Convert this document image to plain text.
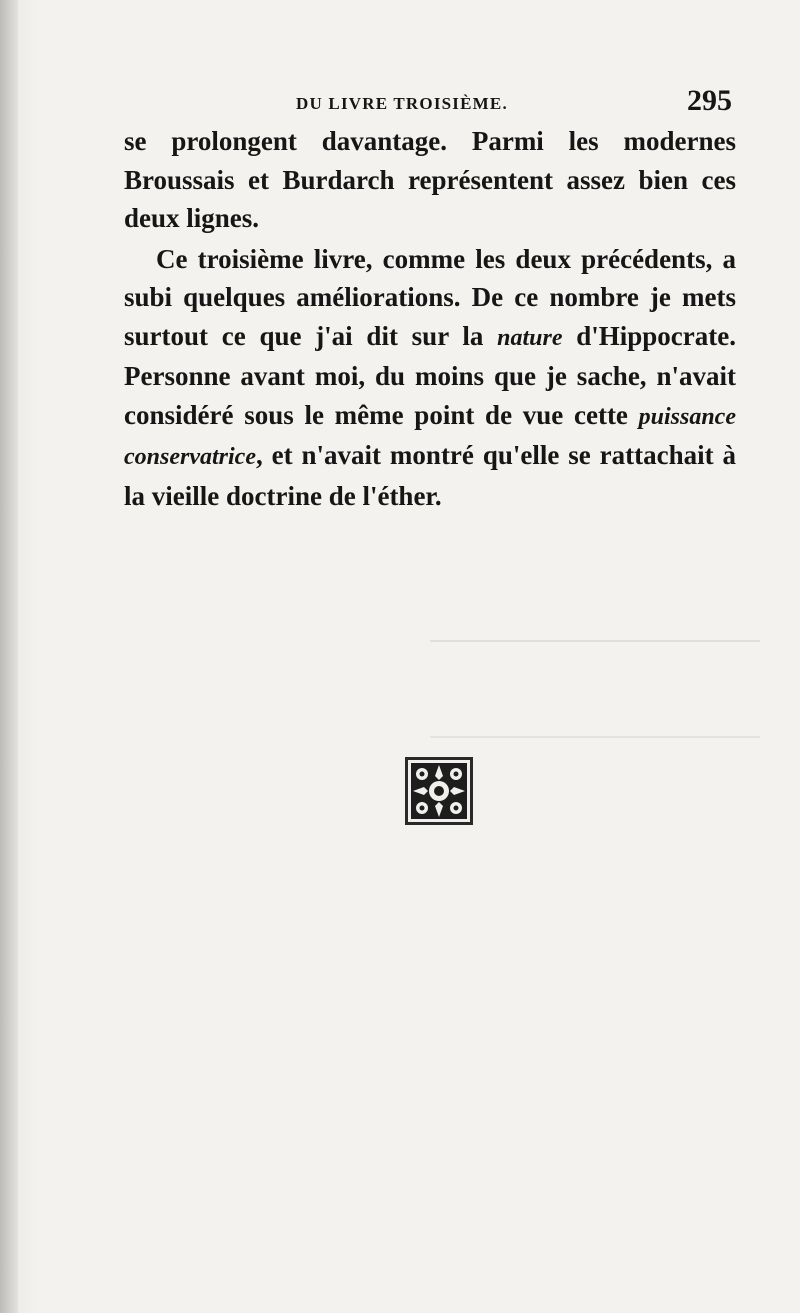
DU LIVRE TROISIÈME.	295

se prolongent davantage. Parmi les modernes Broussais et Burdarch représentent assez bien ces deux lignes.

Ce troisième livre, comme les deux précédents, a subi quelques améliorations. De ce nombre je mets surtout ce que j'ai dit sur la nature d'Hippocrate. Personne avant moi, du moins que je sache, n'avait considéré sous le même point de vue cette puissance conservatrice, et n'avait montré qu'elle se rattachait à la vieille doctrine de l'éther.
